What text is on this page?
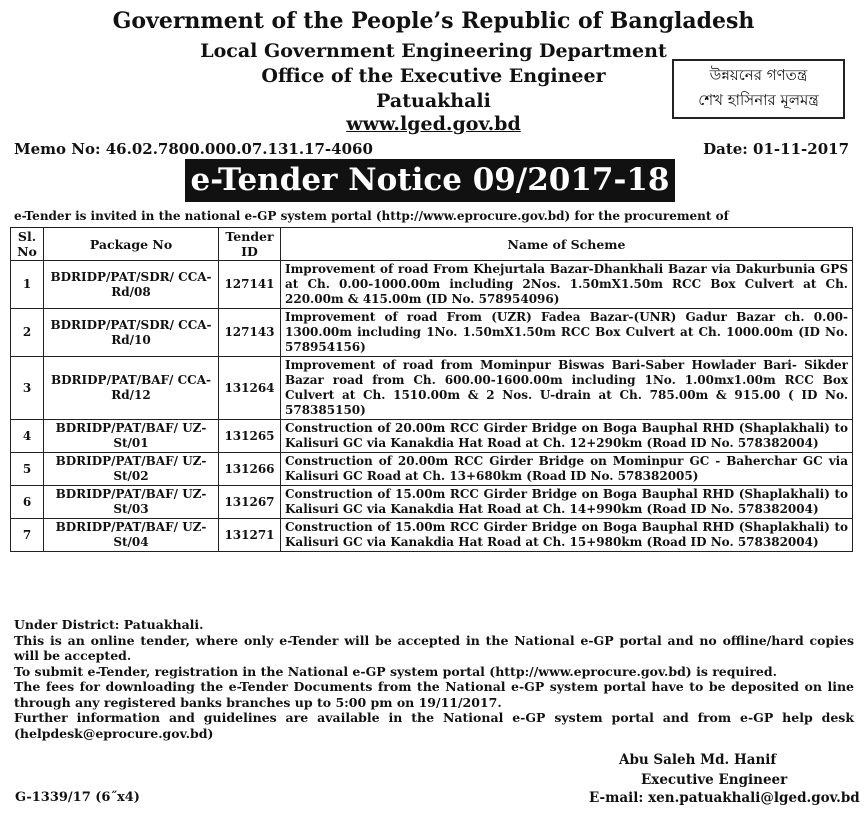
Government of the People’s Republic of Bangladesh
Local Government Engineering Department
Office of the Executive Engineer
Patuakhali
www.lged.gov.bd
উন্নয়নের গণতন্ত্র
শেখ হাসিনার মূলমন্ত্র
Memo No: 46.02.7800.000.07.131.17-4060	Date: 01-11-2017
e-Tender Notice 09/2017-18
e-Tender is invited in the national e-GP system portal (http://www.eprocure.gov.bd) for the procurement of
Sl. No	Package No	Tender ID	Name of Scheme
1	BDRIDP/PAT/SDR/ CCA-Rd/08	127141	Improvement of road From Khejurtala Bazar-Dhankhali Bazar via Dakurbunia GPS at Ch. 0.00-1000.00m including 2Nos. 1.50mX1.50m RCC Box Culvert at Ch. 220.00m & 415.00m (ID No. 578954096)
2	BDRIDP/PAT/SDR/ CCA-Rd/10	127143	Improvement of road From (UZR) Fadea Bazar-(UNR) Gadur Bazar ch. 0.00-1300.00m including 1No. 1.50mX1.50m RCC Box Culvert at Ch. 1000.00m (ID No. 578954156)
3	BDRIDP/PAT/BAF/ CCA-Rd/12	131264	Improvement of road from Mominpur Biswas Bari-Saber Howlader Bari- Sikder Bazar road from Ch. 600.00-1600.00m including 1No. 1.00mx1.00m RCC Box Culvert at Ch. 1510.00m & 2 Nos. U-drain at Ch. 785.00m & 915.00 ( ID No. 578385150)
4	BDRIDP/PAT/BAF/ UZ-St/01	131265	Construction of 20.00m RCC Girder Bridge on Boga Bauphal RHD (Shaplakhali) to Kalisuri GC via Kanakdia Hat Road at Ch. 12+290km (Road ID No. 578382004)
5	BDRIDP/PAT/BAF/ UZ-St/02	131266	Construction of 20.00m RCC Girder Bridge on Mominpur GC - Baherchar GC via Kalisuri GC Road at Ch. 13+680km (Road ID No. 578382005)
6	BDRIDP/PAT/BAF/ UZ-St/03	131267	Construction of 15.00m RCC Girder Bridge on Boga Bauphal RHD (Shaplakhali) to Kalisuri GC via Kanakdia Hat Road at Ch. 14+990km (Road ID No. 578382004)
7	BDRIDP/PAT/BAF/ UZ-St/04	131271	Construction of 15.00m RCC Girder Bridge on Boga Bauphal RHD (Shaplakhali) to Kalisuri GC via Kanakdia Hat Road at Ch. 15+980km (Road ID No. 578382004)

Under District: Patuakhali.

This is an online tender, where only e-Tender will be accepted in the National e-GP portal and no offline/hard copies will be accepted.

To submit e-Tender, registration in the National e-GP system portal (http://www.eprocure.gov.bd) is required.

The fees for downloading the e-Tender Documents from the National e-GP system portal have to be deposited on line through any registered banks branches up to 5:00 pm on 19/11/2017.

Further information and guidelines are available in the National e-GP system portal and from e-GP help desk (helpdesk@eprocure.gov.bd)

Abu Saleh Md. Hanif
Executive Engineer
E-mail: xen.patuakhali@lged.gov.bd
G-1339/17 (6˝x4)
